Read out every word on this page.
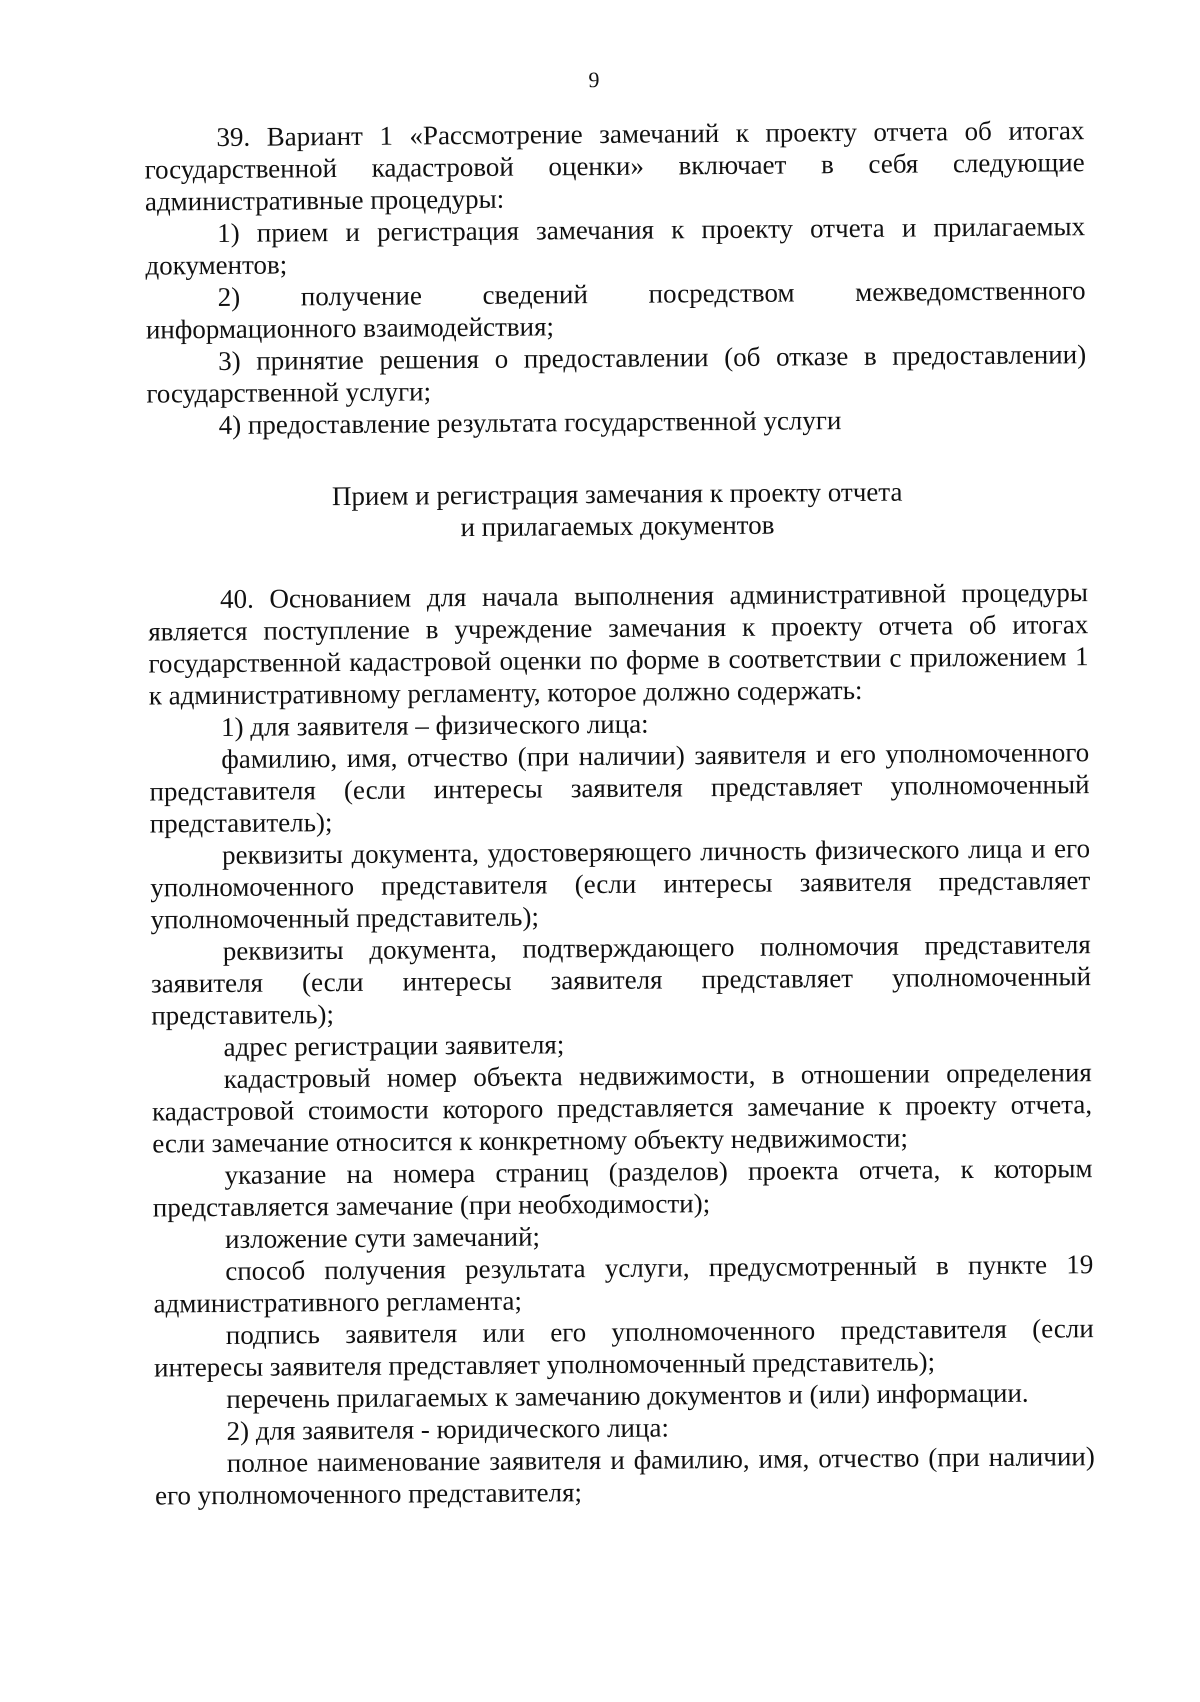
9

39. Вариант 1 «Рассмотрение замечаний к проекту отчета об итогах государственной кадастровой оценки» включает в себя следующие административные процедуры:

1) прием и регистрация замечания к проекту отчета и прилагаемых документов;

2) получение сведений посредством межведомственного информационного взаимодействия;

3) принятие решения о предоставлении (об отказе в предоставлении) государственной услуги;

4) предоставление результата государственной услуги

Прием и регистрация замечания к проекту отчета
и прилагаемых документов

40. Основанием для начала выполнения административной процедуры является поступление в учреждение замечания к проекту отчета об итогах государственной кадастровой оценки по форме в соответствии с приложением 1 к административному регламенту, которое должно содержать:

1) для заявителя – физического лица:

фамилию, имя, отчество (при наличии) заявителя и его уполномоченного представителя (если интересы заявителя представляет уполномоченный представитель);

реквизиты документа, удостоверяющего личность физического лица и его уполномоченного представителя (если интересы заявителя представляет уполномоченный представитель);

реквизиты документа, подтверждающего полномочия представителя заявителя (если интересы заявителя представляет уполномоченный представитель);

адрес регистрации заявителя;

кадастровый номер объекта недвижимости, в отношении определения кадастровой стоимости которого представляется замечание к проекту отчета, если замечание относится к конкретному объекту недвижимости;

указание на номера страниц (разделов) проекта отчета, к которым представляется замечание (при необходимости);

изложение сути замечаний;

способ получения результата услуги, предусмотренный в пункте 19 административного регламента;

подпись заявителя или его уполномоченного представителя (если интересы заявителя представляет уполномоченный представитель);

перечень прилагаемых к замечанию документов и (или) информации.

2) для заявителя - юридического лица:

полное наименование заявителя и фамилию, имя, отчество (при наличии) его уполномоченного представителя;
